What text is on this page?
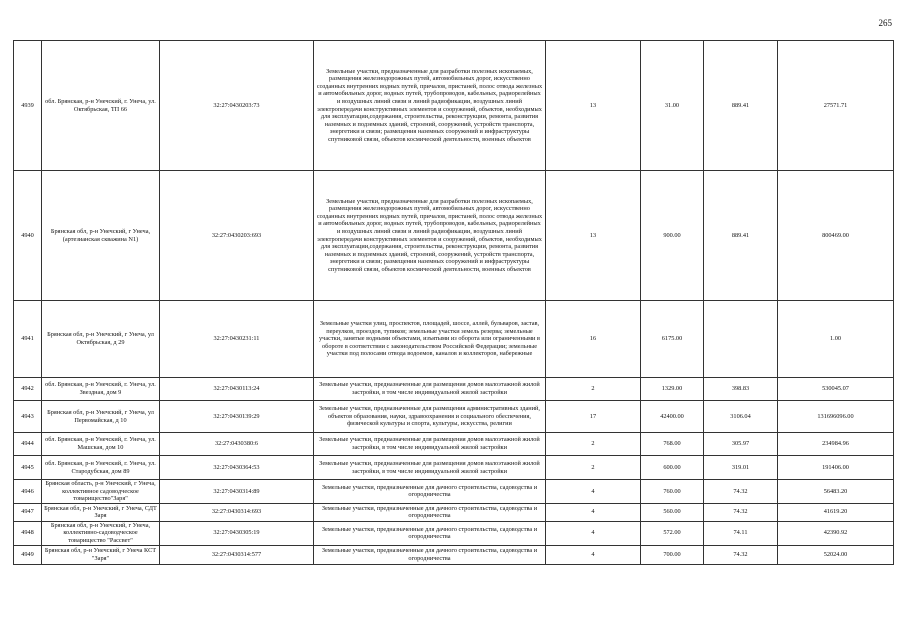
265
4939	обл. Брянская, р-н Унечский, г. Унеча, ул. Октябрьская, ТП 66	32:27:0430203:73	Земельные участки, предназначенные для разработки полезных ископаемых, размещения железнодорожных путей, автомобильных дорог, искусственно созданных внутренних водных путей, причалов, пристаней, полос отвода железных и автомобильных дорог, водных путей, трубопроводов, кабельных, радиорелейных и воздушных линий связи и линий радиофикации, воздушных линий электропередачи конструктивных элементов и сооружений, объектов, необходимых для эксплуатации,содержания, строительства, реконструкции, ремонта, развития наземных и подземных зданий, строений, сооружений, устройств транспорта, энергетики и связи; размещения наземных сооружений и инфраструктуры спутниковой связи, объектов космической деятельности, военных объектов	13	31.00	889.41	27571.71
4940	Брянская обл, р-н Унечский, г Унеча, (артезианская скважина N1)	32:27:0430203:693	Земельные участки, предназначенные для разработки полезных ископаемых, размещения железнодорожных путей, автомобильных дорог, искусственно созданных внутренних водных путей, причалов, пристаней, полос отвода железных и автомобильных дорог, водных путей, трубопроводов, кабельных, радиорелейных и воздушных линий связи и линий радиофикации, воздушных линий электропередачи конструктивных элементов и сооружений, объектов, необходимых для эксплуатации,содержания, строительства, реконструкции, ремонта, развития наземных и подземных зданий, строений, сооружений, устройств транспорта, энергетики и связи; размещения наземных сооружений и инфраструктуры спутниковой связи, объектов космической деятельности, военных объектов	13	900.00	889.41	800469.00
4941	Брянская обл, р-н Унечский, г Унеча, ул Октябрьская, д 29	32:27:0430231:11	Земельные участки улиц, проспектов, площадей, шоссе, аллей, бульваров, застав, переулков, проездов, тупиков; земельные участки земель резерва; земельные участки, занятые водными объектами, изъятыми из оборота или ограниченными в обороте в соответствии с законодательством Российской Федерации; земельные участки под полосами отвода водоемов, каналов и коллекторов, набережные	16	6175.00		1.00
4942	обл. Брянская, р-н Унечский, г. Унеча, ул. Звездная, дом 9	32:27:0430113:24	Земельные участки, предназначенные для размещения домов малоэтажной жилой застройки, в том числе индивидуальной жилой застройки	2	1329.00	398.83	530045.07
4943	Брянская обл, р-н Унечский, г Унеча, ул Первомайская, д 10	32:27:0430139:29	Земельные участки, предназначенные для размещения административных зданий, объектов образования, науки, здравоохранения и социального обеспечения, физической культуры и спорта, культуры, искусства, религии	17	42400.00	3106.04	131696096.00
4944	обл. Брянская, р-н Унечский, г. Унеча, ул. Машская, дом 10	32:27:0430380:6	Земельные участки, предназначенные для размещения домов малоэтажной жилой застройки, в том числе индивидуальной жилой застройки	2	768.00	305.97	234984.96
4945	обл. Брянская, р-н Унечский, г. Унеча, ул. Стародубская, дом 89	32:27:0430364:53	Земельные участки, предназначенные для размещения домов малоэтажной жилой застройки, в том числе индивидуальной жилой застройки	2	600.00	319.01	191406.00
4946	Брянская область, р-н Унечский, г Унеча, коллективное садоводческое товарищество"Заря"	32:27:0430314:89	Земельные участки, предназначенные для дачного строительства, садоводства и огородничества	4	760.00	74.32	56483.20
4947	Брянская обл, р-н Унечский, г Унеча, СДТ Заря	32:27:0430314:693	Земельные участки, предназначенные для дачного строительства, садоводства и огородничества	4	560.00	74.32	41619.20
4948	Брянская обл, р-н Унечский, г Унеча, коллективно-садоводческое товарищество "Рассвет"	32:27:0430305:19	Земельные участки, предназначенные для дачного строительства, садоводства и огородничества	4	572.00	74.11	42390.92
4949	Брянская обл, р-н Унечский, г Унеча КСТ "Заря"	32:27:0430314:577	Земельные участки, предназначенные для дачного строительства, садоводства и огородничества	4	700.00	74.32	52024.00
